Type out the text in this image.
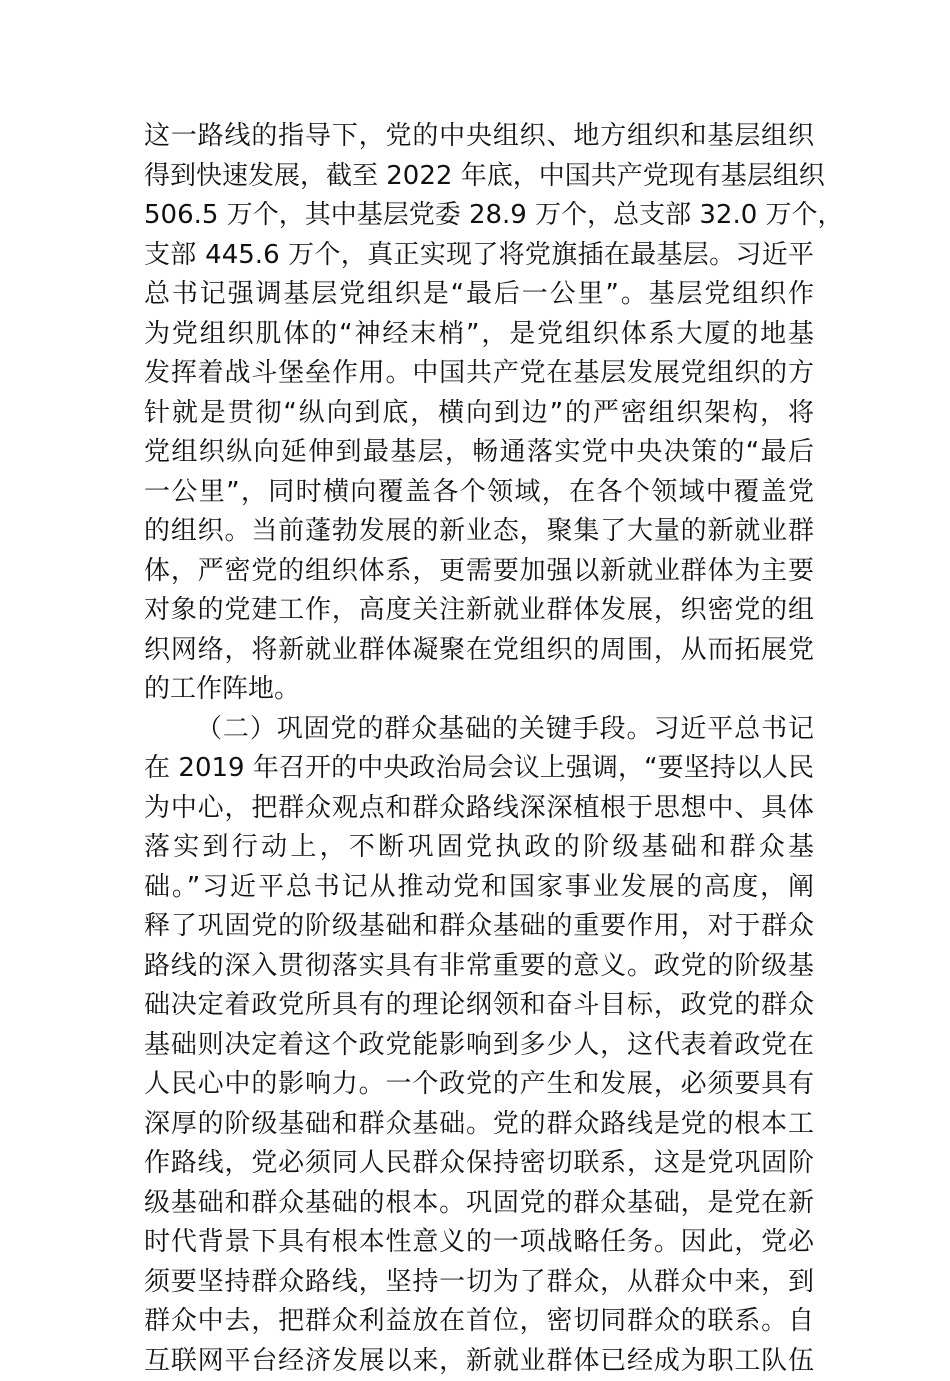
这一路线的指导下，党的中央组织、地方组织和基层组织
得到快速发展，截至 2022 年底，中国共产党现有基层组织
506.5 万个，其中基层党委 28.9 万个，总支部 32.0 万个，
支部 445.6 万个，真正实现了将党旗插在最基层。习近平
总书记强调基层党组织是“最后一公里”。基层党组织作
为党组织肌体的“神经末梢”，是党组织体系大厦的地基
发挥着战斗堡垒作用。中国共产党在基层发展党组织的方
针就是贯彻“纵向到底，横向到边”的严密组织架构，将
党组织纵向延伸到最基层，畅通落实党中央决策的“最后
一公里”，同时横向覆盖各个领域，在各个领域中覆盖党
的组织。当前蓬勃发展的新业态，聚集了大量的新就业群
体，严密党的组织体系，更需要加强以新就业群体为主要
对象的党建工作，高度关注新就业群体发展，织密党的组
织网络，将新就业群体凝聚在党组织的周围，从而拓展党
的工作阵地。
（二）巩固党的群众基础的关键手段。习近平总书记
在 2019 年召开的中央政治局会议上强调，“要坚持以人民
为中心，把群众观点和群众路线深深植根于思想中、具体
落实到行动上，不断巩固党执政的阶级基础和群众基
础。”习近平总书记从推动党和国家事业发展的高度，阐
释了巩固党的阶级基础和群众基础的重要作用，对于群众
路线的深入贯彻落实具有非常重要的意义。政党的阶级基
础决定着政党所具有的理论纲领和奋斗目标，政党的群众
基础则决定着这个政党能影响到多少人，这代表着政党在
人民心中的影响力。一个政党的产生和发展，必须要具有
深厚的阶级基础和群众基础。党的群众路线是党的根本工
作路线，党必须同人民群众保持密切联系，这是党巩固阶
级基础和群众基础的根本。巩固党的群众基础，是党在新
时代背景下具有根本性意义的一项战略任务。因此，党必
须要坚持群众路线，坚持一切为了群众，从群众中来，到
群众中去，把群众利益放在首位，密切同群众的联系。自
互联网平台经济发展以来，新就业群体已经成为职工队伍
